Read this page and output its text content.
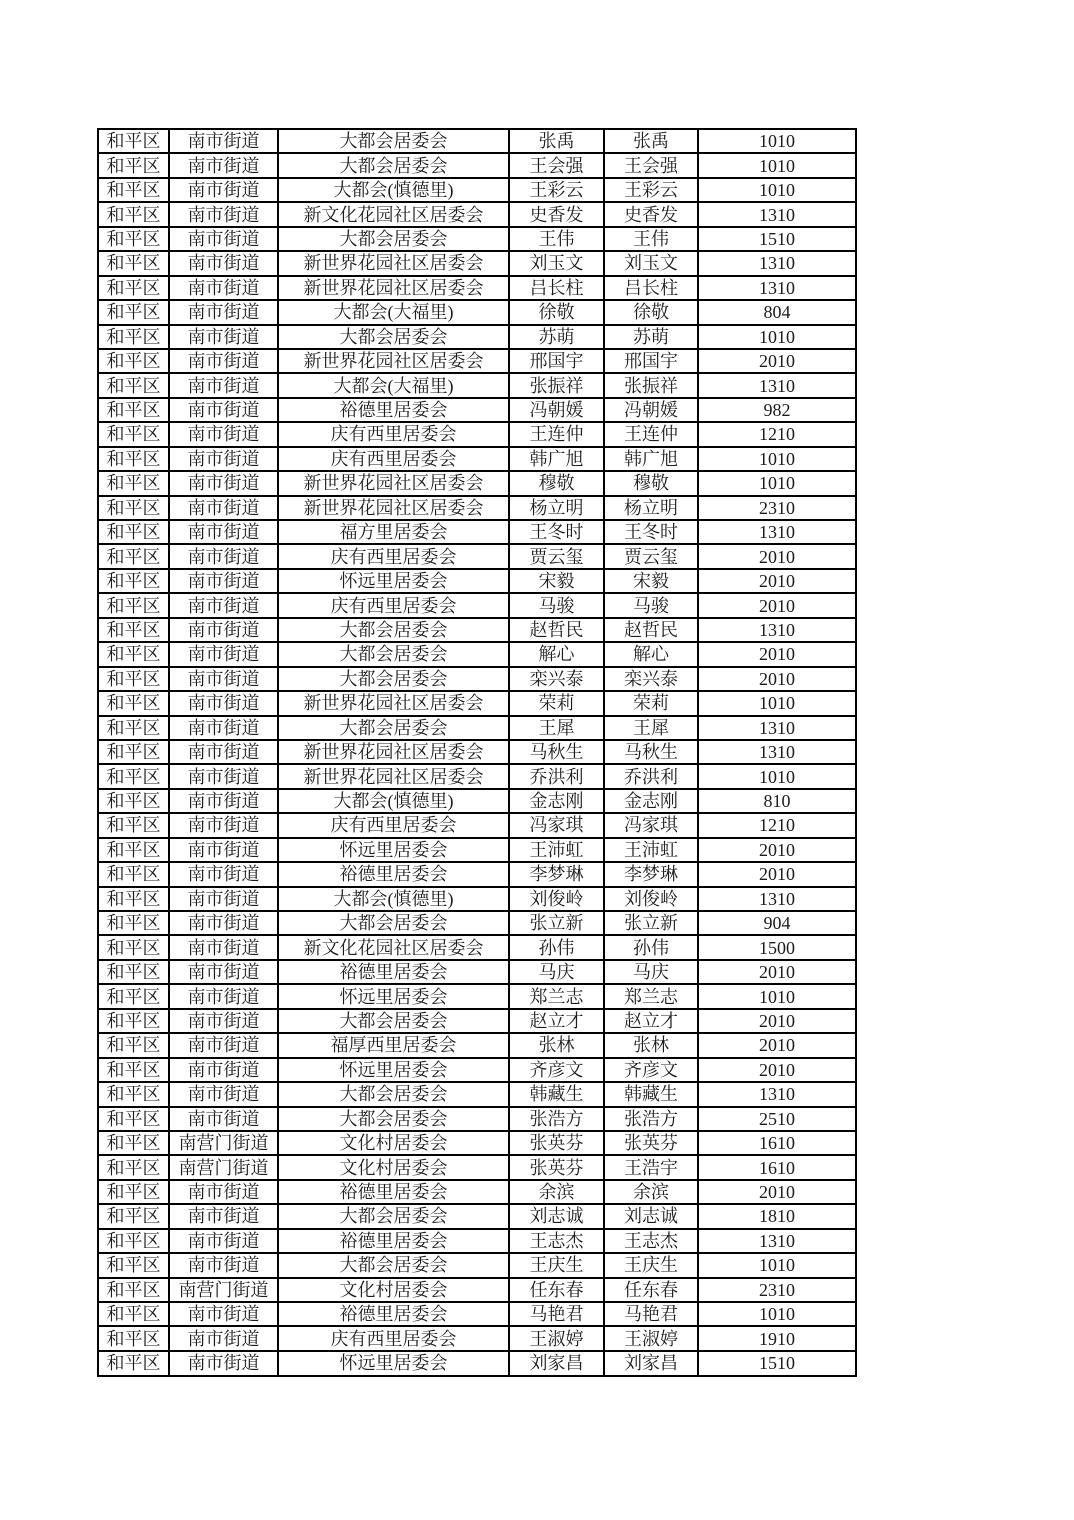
和平区	南市街道	大都会居委会	张禹	张禹	1010
和平区	南市街道	大都会居委会	王会强	王会强	1010
和平区	南市街道	大都会(慎德里)	王彩云	王彩云	1010
和平区	南市街道	新文化花园社区居委会	史香发	史香发	1310
和平区	南市街道	大都会居委会	王伟	王伟	1510
和平区	南市街道	新世界花园社区居委会	刘玉文	刘玉文	1310
和平区	南市街道	新世界花园社区居委会	吕长柱	吕长柱	1310
和平区	南市街道	大都会(大福里)	徐敬	徐敬	804
和平区	南市街道	大都会居委会	苏萌	苏萌	1010
和平区	南市街道	新世界花园社区居委会	邢国宇	邢国宇	2010
和平区	南市街道	大都会(大福里)	张振祥	张振祥	1310
和平区	南市街道	裕德里居委会	冯朝媛	冯朝媛	982
和平区	南市街道	庆有西里居委会	王连仲	王连仲	1210
和平区	南市街道	庆有西里居委会	韩广旭	韩广旭	1010
和平区	南市街道	新世界花园社区居委会	穆敬	穆敬	1010
和平区	南市街道	新世界花园社区居委会	杨立明	杨立明	2310
和平区	南市街道	福方里居委会	王冬时	王冬时	1310
和平区	南市街道	庆有西里居委会	贾云玺	贾云玺	2010
和平区	南市街道	怀远里居委会	宋毅	宋毅	2010
和平区	南市街道	庆有西里居委会	马骏	马骏	2010
和平区	南市街道	大都会居委会	赵哲民	赵哲民	1310
和平区	南市街道	大都会居委会	解心	解心	2010
和平区	南市街道	大都会居委会	栾兴泰	栾兴泰	2010
和平区	南市街道	新世界花园社区居委会	荣莉	荣莉	1010
和平区	南市街道	大都会居委会	王犀	王犀	1310
和平区	南市街道	新世界花园社区居委会	马秋生	马秋生	1310
和平区	南市街道	新世界花园社区居委会	乔洪利	乔洪利	1010
和平区	南市街道	大都会(慎德里)	金志刚	金志刚	810
和平区	南市街道	庆有西里居委会	冯家琪	冯家琪	1210
和平区	南市街道	怀远里居委会	王沛虹	王沛虹	2010
和平区	南市街道	裕德里居委会	李梦琳	李梦琳	2010
和平区	南市街道	大都会(慎德里)	刘俊岭	刘俊岭	1310
和平区	南市街道	大都会居委会	张立新	张立新	904
和平区	南市街道	新文化花园社区居委会	孙伟	孙伟	1500
和平区	南市街道	裕德里居委会	马庆	马庆	2010
和平区	南市街道	怀远里居委会	郑兰志	郑兰志	1010
和平区	南市街道	大都会居委会	赵立才	赵立才	2010
和平区	南市街道	福厚西里居委会	张林	张林	2010
和平区	南市街道	怀远里居委会	齐彦文	齐彦文	2010
和平区	南市街道	大都会居委会	韩藏生	韩藏生	1310
和平区	南市街道	大都会居委会	张浩方	张浩方	2510
和平区	南营门街道	文化村居委会	张英芬	张英芬	1610
和平区	南营门街道	文化村居委会	张英芬	王浩宇	1610
和平区	南市街道	裕德里居委会	余滨	余滨	2010
和平区	南市街道	大都会居委会	刘志诚	刘志诚	1810
和平区	南市街道	裕德里居委会	王志杰	王志杰	1310
和平区	南市街道	大都会居委会	王庆生	王庆生	1010
和平区	南营门街道	文化村居委会	任东春	任东春	2310
和平区	南市街道	裕德里居委会	马艳君	马艳君	1010
和平区	南市街道	庆有西里居委会	王淑婷	王淑婷	1910
和平区	南市街道	怀远里居委会	刘家昌	刘家昌	1510
